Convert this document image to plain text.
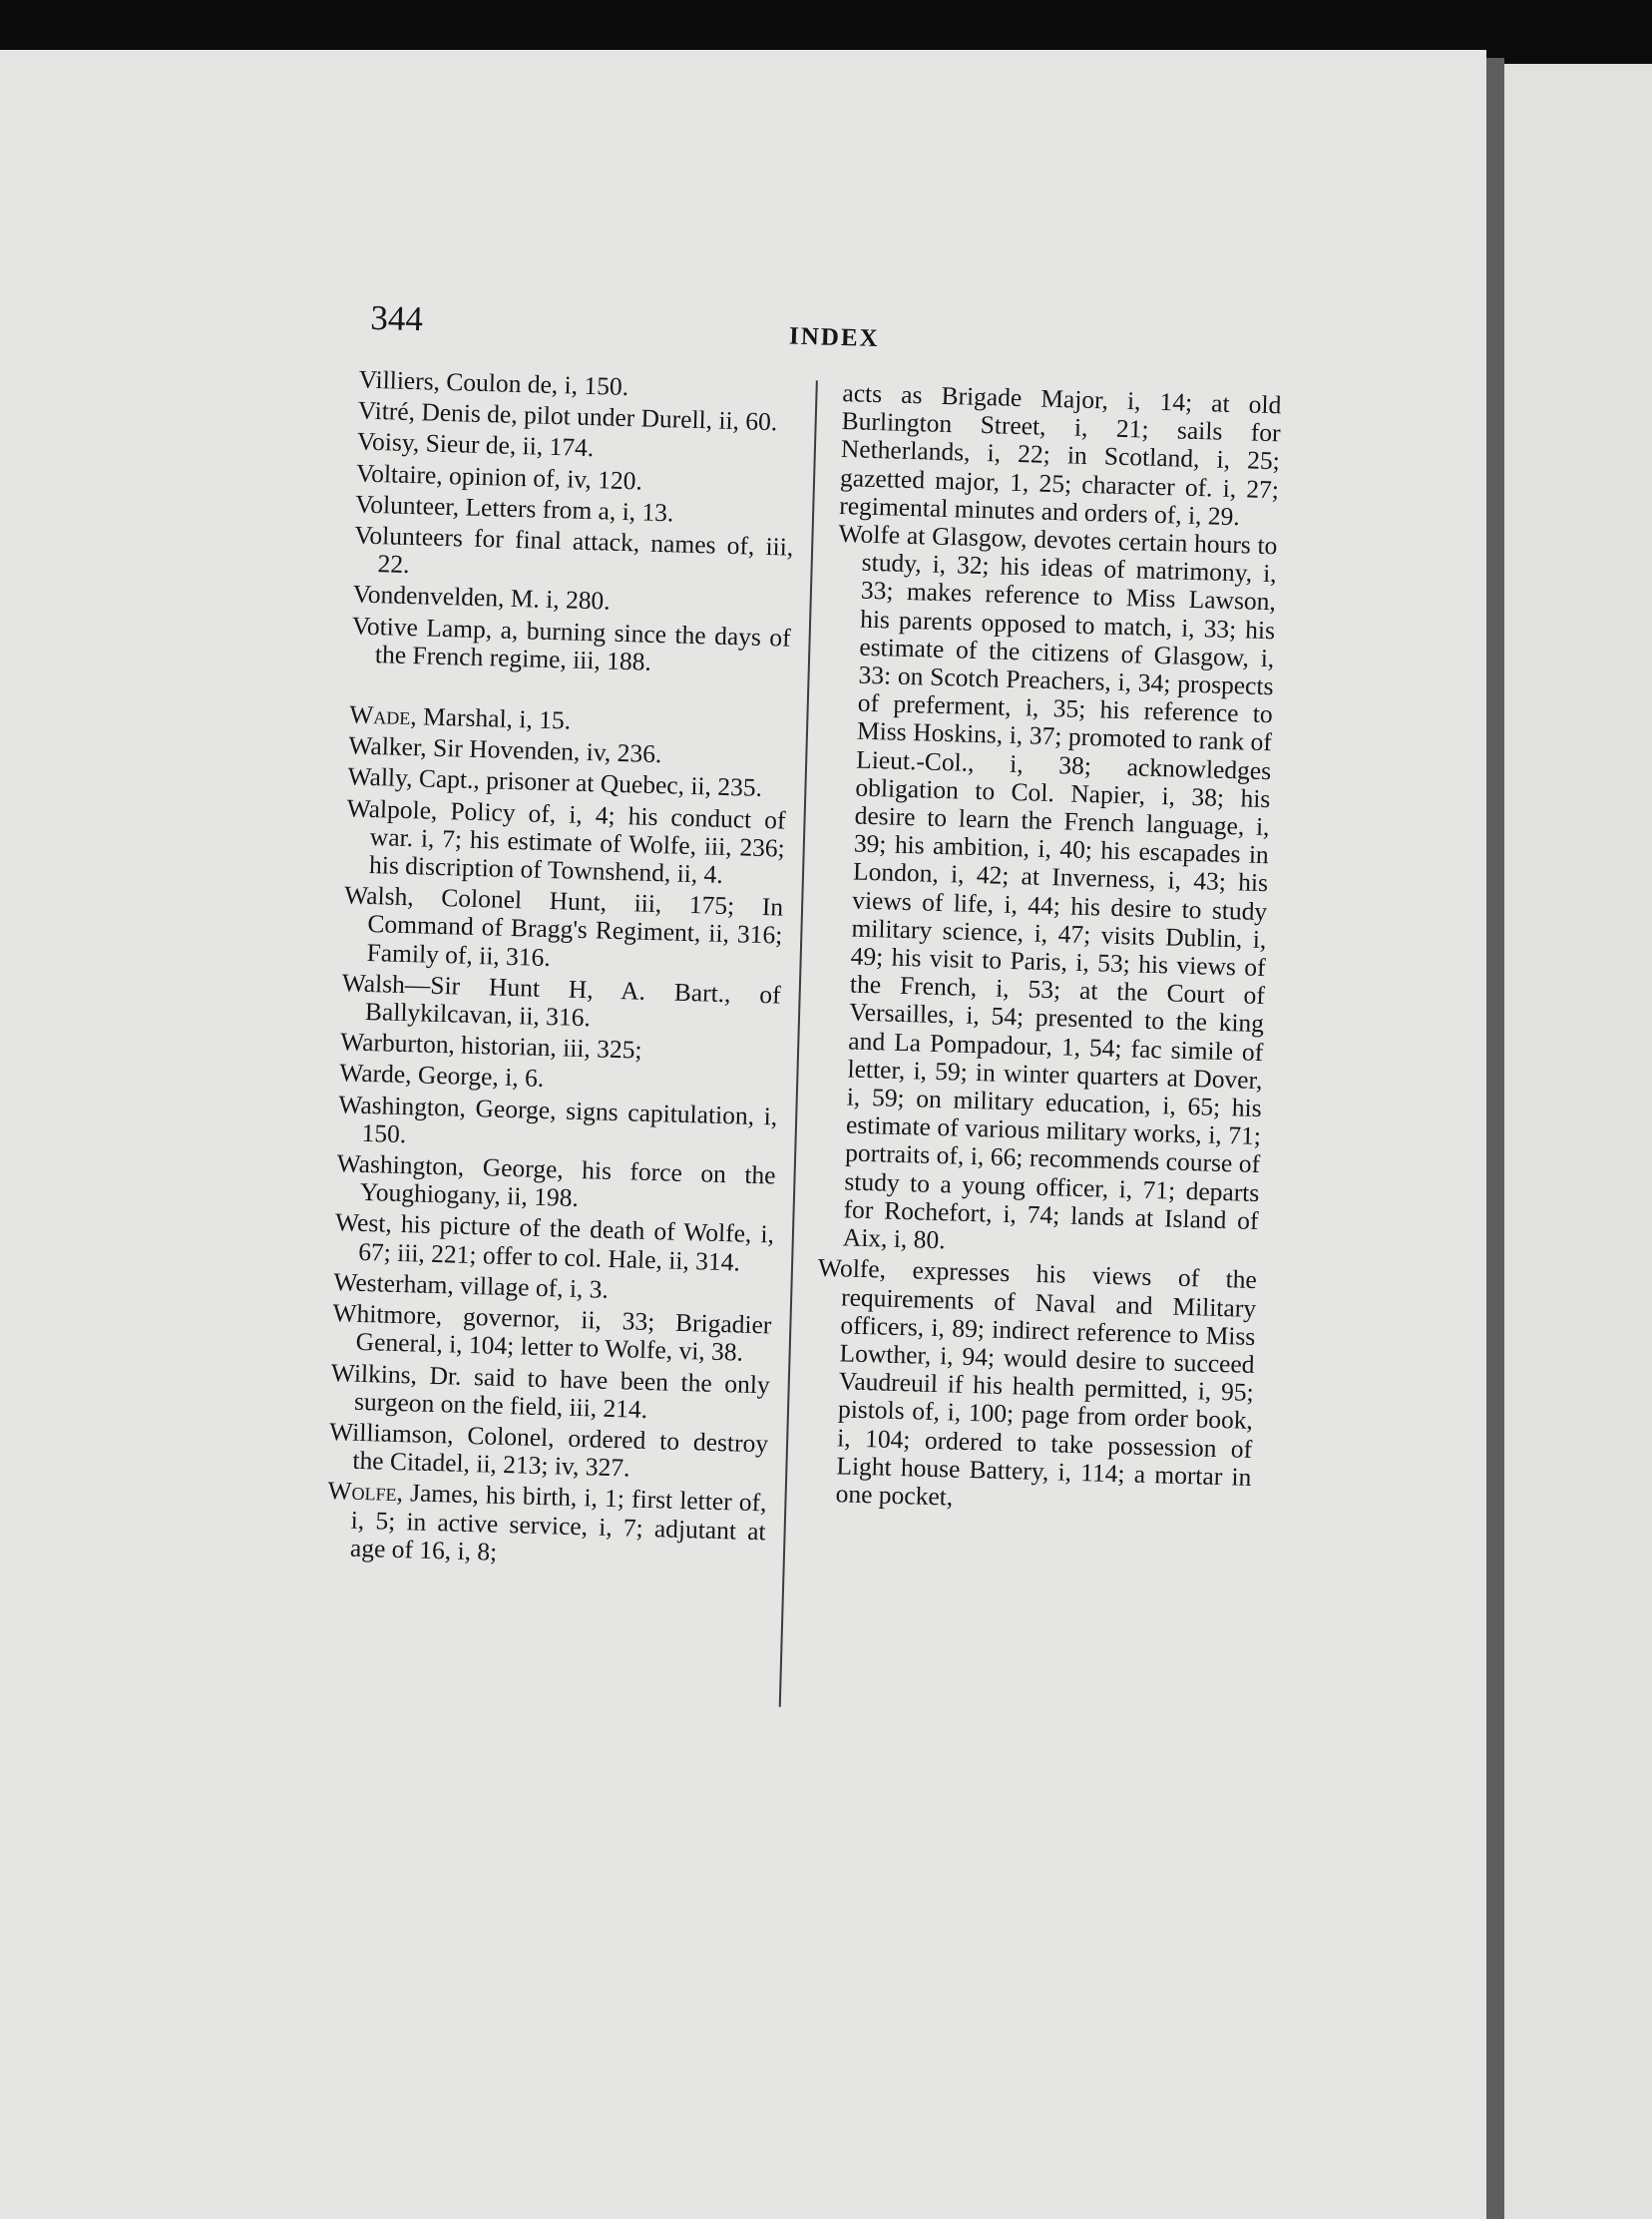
344	INDEX
Villiers, Coulon de, i, 150.
Vitré, Denis de, pilot under Durell, ii, 60.
Voisy, Sieur de, ii, 174.
Voltaire, opinion of, iv, 120.
Volunteer, Letters from a, i, 13.
Volunteers for final attack, names of, iii, 22.
Vondenvelden, M. i, 280.
Votive Lamp, a, burning since the days of the French regime, iii, 188.
Wade, Marshal, i, 15.
Walker, Sir Hovenden, iv, 236.
Wally, Capt., prisoner at Quebec, ii, 235.
Walpole, Policy of, i, 4; his conduct of war. i, 7; his estimate of Wolfe, iii, 236; his discription of Townshend, ii, 4.
Walsh, Colonel Hunt, iii, 175; In Command of Bragg's Regiment, ii, 316; Family of, ii, 316.
Walsh—Sir Hunt H, A. Bart., of Ballykilcavan, ii, 316.
Warburton, historian, iii, 325;
Warde, George, i, 6.
Washington, George, signs capitulation, i, 150.
Washington, George, his force on the Youghiogany, ii, 198.
West, his picture of the death of Wolfe, i, 67; iii, 221; offer to col. Hale, ii, 314.
Westerham, village of, i, 3.
Whitmore, governor, ii, 33; Brigadier General, i, 104; letter to Wolfe, vi, 38.
Wilkins, Dr. said to have been the only surgeon on the field, iii, 214.
Williamson, Colonel, ordered to destroy the Citadel, ii, 213; iv, 327.
Wolfe, James, his birth, i, 1; first letter of, i, 5; in active service, i, 7; adjutant at age of 16, i, 8;
acts as Brigade Major, i, 14; at old Burlington Street, i, 21; sails for Netherlands, i, 22; in Scotland, i, 25; gazetted major, 1, 25; character of. i, 27; regimental minutes and orders of, i, 29.
Wolfe at Glasgow, devotes certain hours to study, i, 32; his ideas of matrimony, i, 33; makes reference to Miss Lawson, his parents opposed to match, i, 33; his estimate of the citizens of Glasgow, i, 33: on Scotch Preachers, i, 34; prospects of preferment, i, 35; his reference to Miss Hoskins, i, 37; promoted to rank of Lieut.-Col., i, 38; acknowledges obligation to Col. Napier, i, 38; his desire to learn the French language, i, 39; his ambition, i, 40; his escapades in London, i, 42; at Inverness, i, 43; his views of life, i, 44; his desire to study military science, i, 47; visits Dublin, i, 49; his visit to Paris, i, 53; his views of the French, i, 53; at the Court of Versailles, i, 54; presented to the king and La Pompadour, 1, 54; fac simile of letter, i, 59; in winter quarters at Dover, i, 59; on military education, i, 65; his estimate of various military works, i, 71; portraits of, i, 66; recommends course of study to a young officer, i, 71; departs for Rochefort, i, 74; lands at Island of Aix, i, 80.
Wolfe, expresses his views of the requirements of Naval and Military officers, i, 89; indirect reference to Miss Lowther, i, 94; would desire to succeed Vaudreuil if his health permitted, i, 95; pistols of, i, 100; page from order book, i, 104; ordered to take possession of Light house Battery, i, 114; a mortar in one pocket,
